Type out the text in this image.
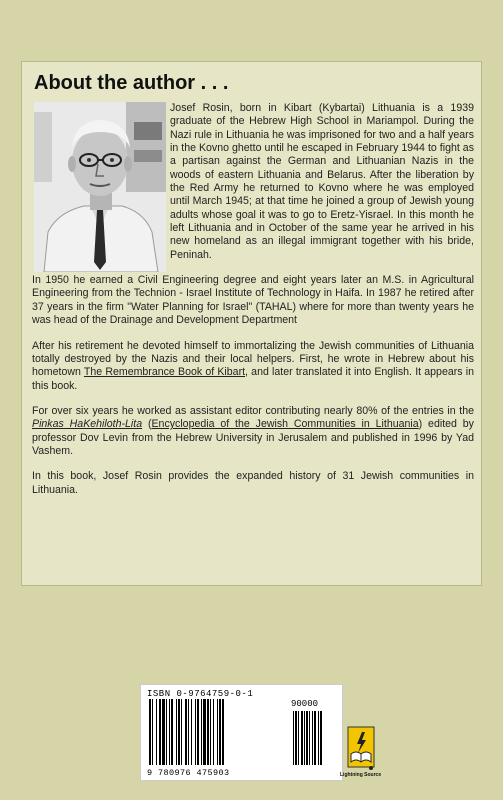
About the author . . .

Josef Rosin, born in Kibart (Kybartai) Lithuania is a 1939 graduate of the Hebrew High School in Mariampol. During the Nazi rule in Lithuania he was imprisoned for two and a half years in the Kovno ghetto until he escaped in February 1944 to fight as a partisan against the German and Lithuanian Nazis in the woods of eastern Lithuania and Belarus. After the liberation by the Red Army he returned to Kovno where he was employed until March 1945; at that time he joined a group of Jewish young adults whose goal it was to go to Eretz-Yisrael. In this month he left Lithuania and in October of the same year he arrived in his new homeland as an illegal immigrant together with his bride, Peninah.

In 1950 he earned a Civil Engineering degree and eight years later an M.S. in Agricultural Engineering from the Technion - Israel Institute of Technology in Haifa. In 1987 he retired after 37 years in the firm "Water Planning for Israel" (TAHAL) where for more than twenty years he was head of the Drainage and Development Department

After his retirement he devoted himself to immortalizing the Jewish communities of Lithuania totally destroyed by the Nazis and their local helpers. First, he wrote in Hebrew about his hometown The Remembrance Book of Kibart, and later translated it into English. It appears in this book.

For over six years he worked as assistant editor contributing nearly 80% of the entries in the Pinkas HaKehiloth-Lita (Encyclopedia of the Jewish Communities in Lithuania) edited by professor Dov Levin from the Hebrew University in Jerusalem and published in 1996 by Yad Vashem.

In this book, Josef Rosin provides the expanded history of 31 Jewish communities in Lithuania.

ISBN 0-9764759-0-1
90000
9 780976 475903	Lightning Source
